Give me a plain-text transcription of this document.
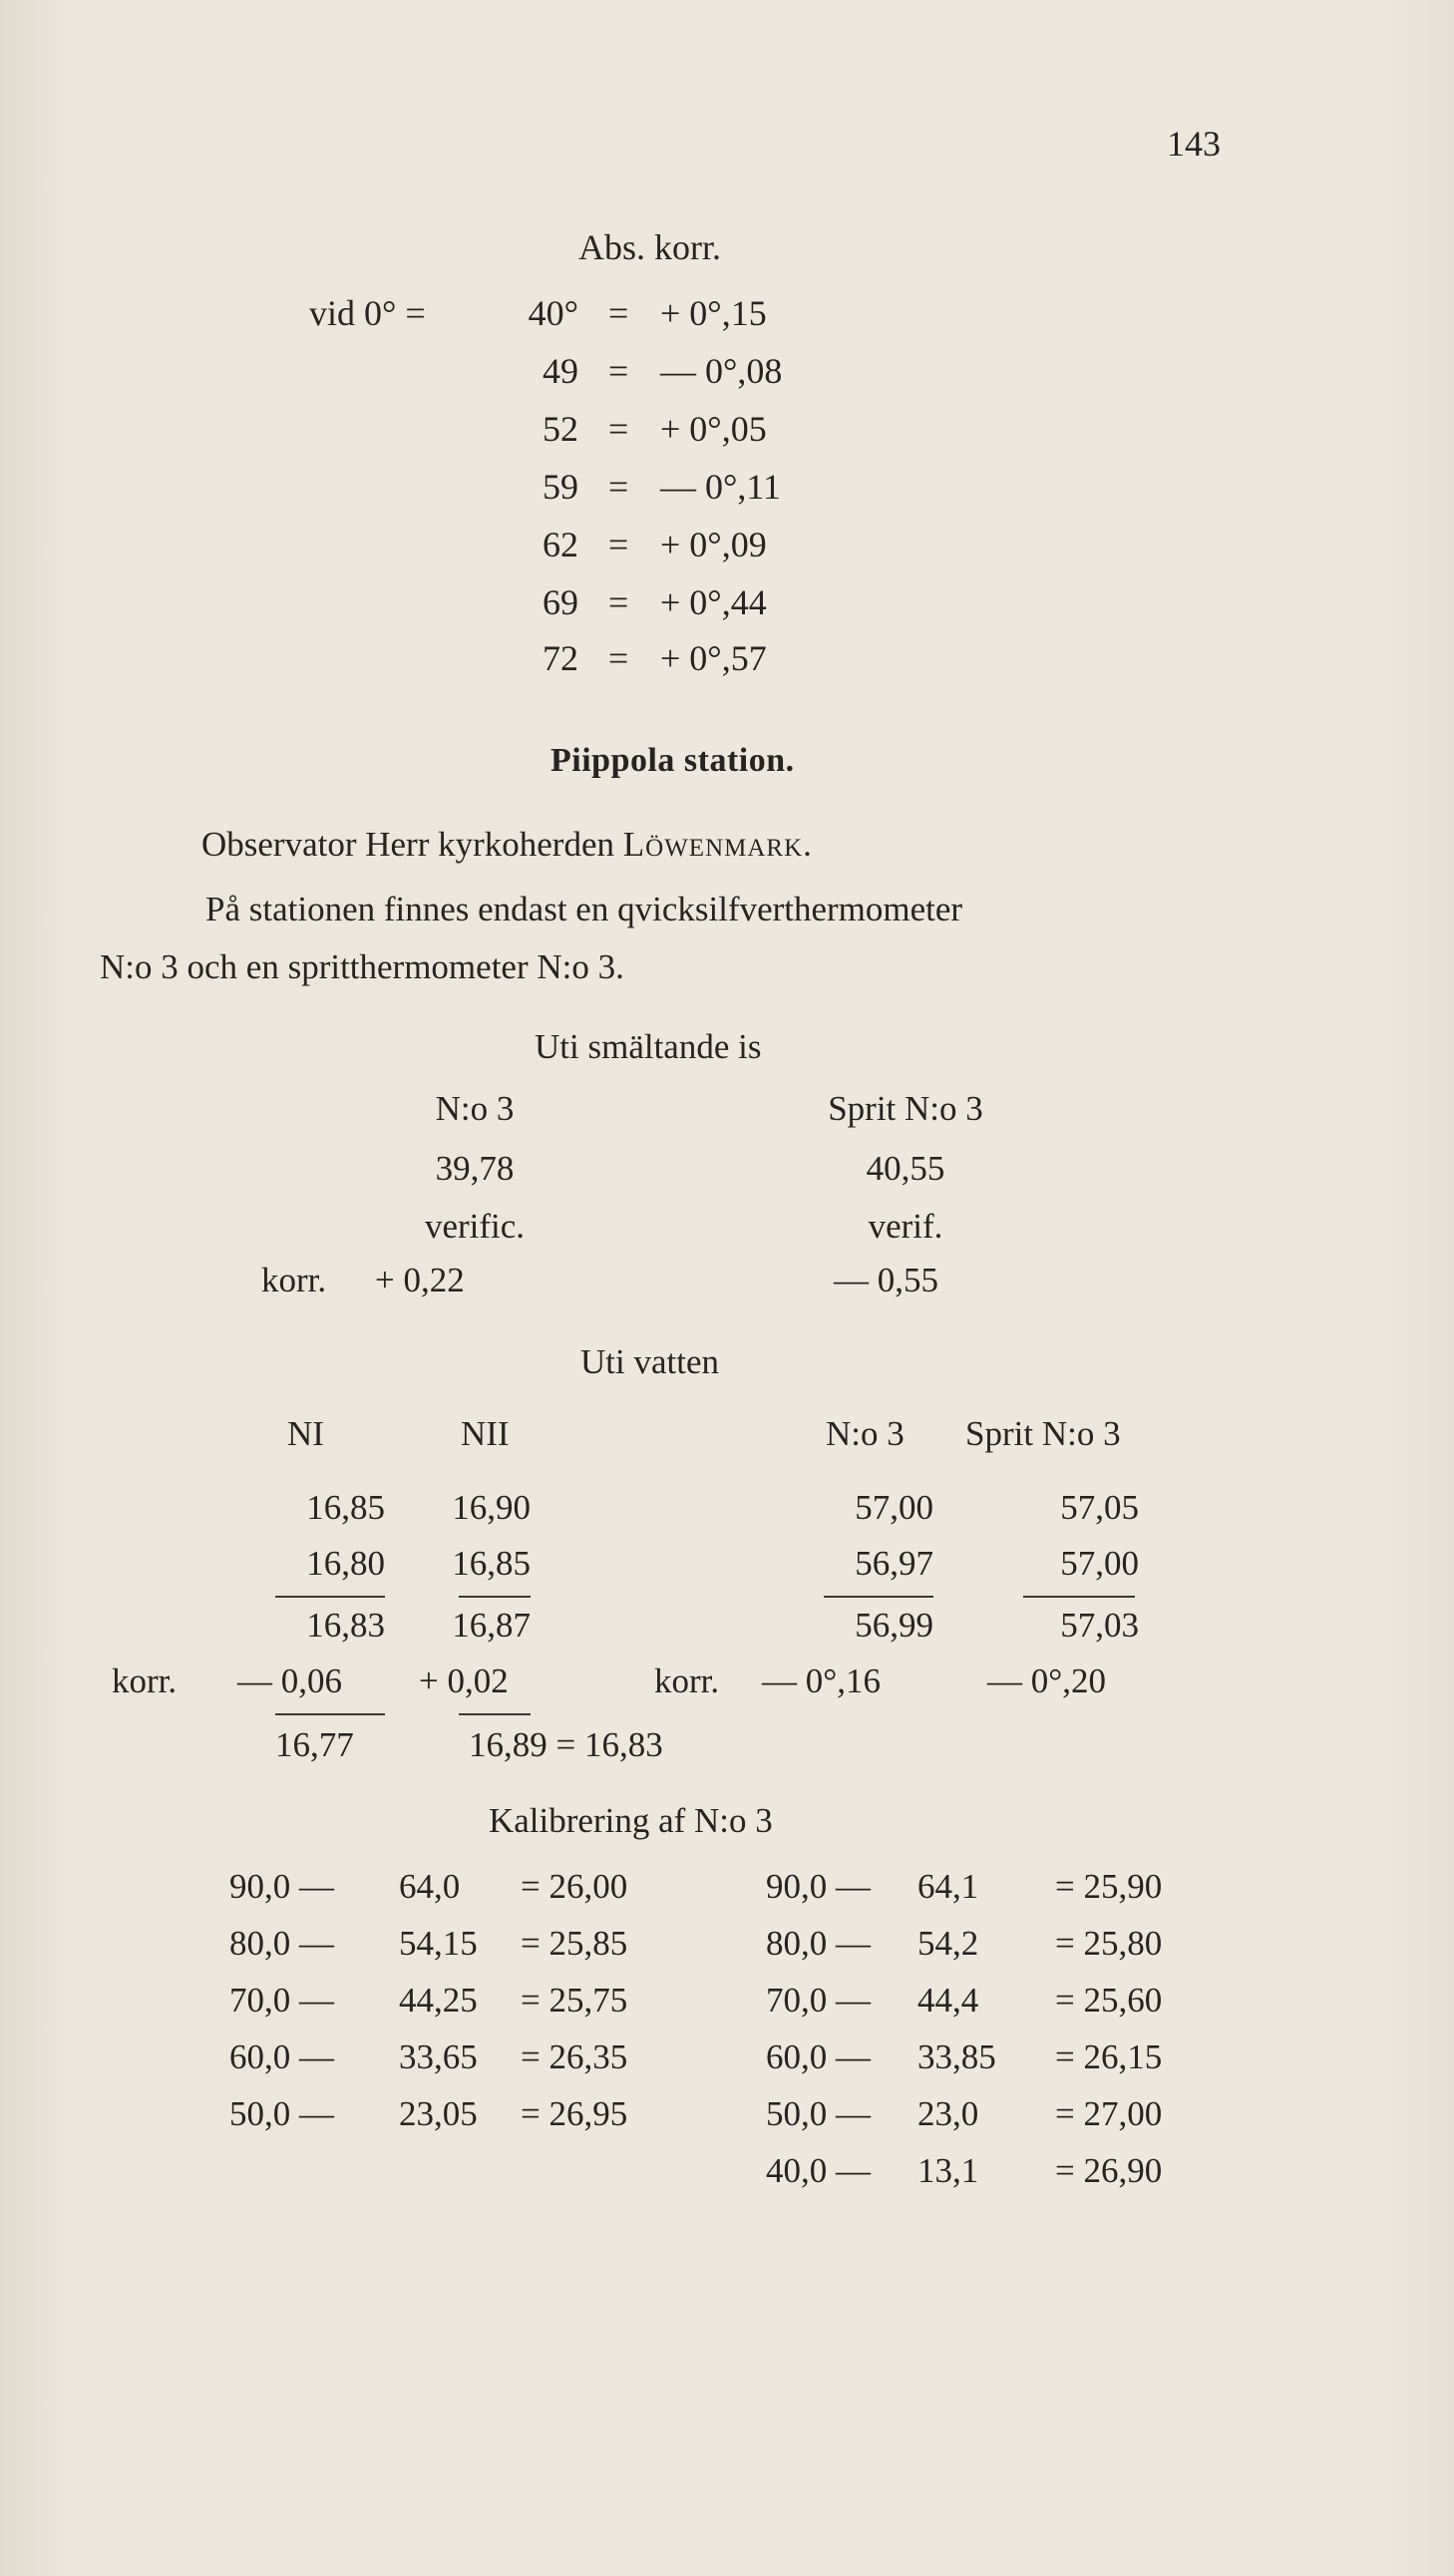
143
Abs. korr.
vid 0° =	40° = + 0°,15
49 = — 0°,08
52 = + 0°,05
59 = — 0°,11
62 = + 0°,09
69 = + 0°,44
72 = + 0°,57
Piippola station.
Observator Herr kyrkoherden Löwenmark.
På stationen finnes endast en qvicksilfverthermometer
N:o 3 och en spritthermometer N:o 3.
Uti smältande is
N:o 3	Sprit N:o 3
39,78	40,55
verific.	verif.
korr. + 0,22	— 0,55
Uti vatten
NI	NII	N:o 3 Sprit N:o 3
16,85	16,90	57,00	57,05
16,80	16,85	56,97	57,00
16,83	16,87	56,99	57,03
korr. — 0,06 + 0,02	korr. — 0°,16	— 0°,20
16,77	16,89 = 16,83
Kalibrering af N:o 3
90,0 — 64,0 = 26,00
80,0 — 54,15 = 25,85
70,0 — 44,25 = 25,75
60,0 — 33,65 = 26,35
50,0 — 23,05 = 26,95
90,0 — 64,1 = 25,90
80,0 — 54,2 = 25,80
70,0 — 44,4 = 25,60
60,0 — 33,85 = 26,15
50,0 — 23,0 = 27,00
40,0 — 13,1 = 26,90
